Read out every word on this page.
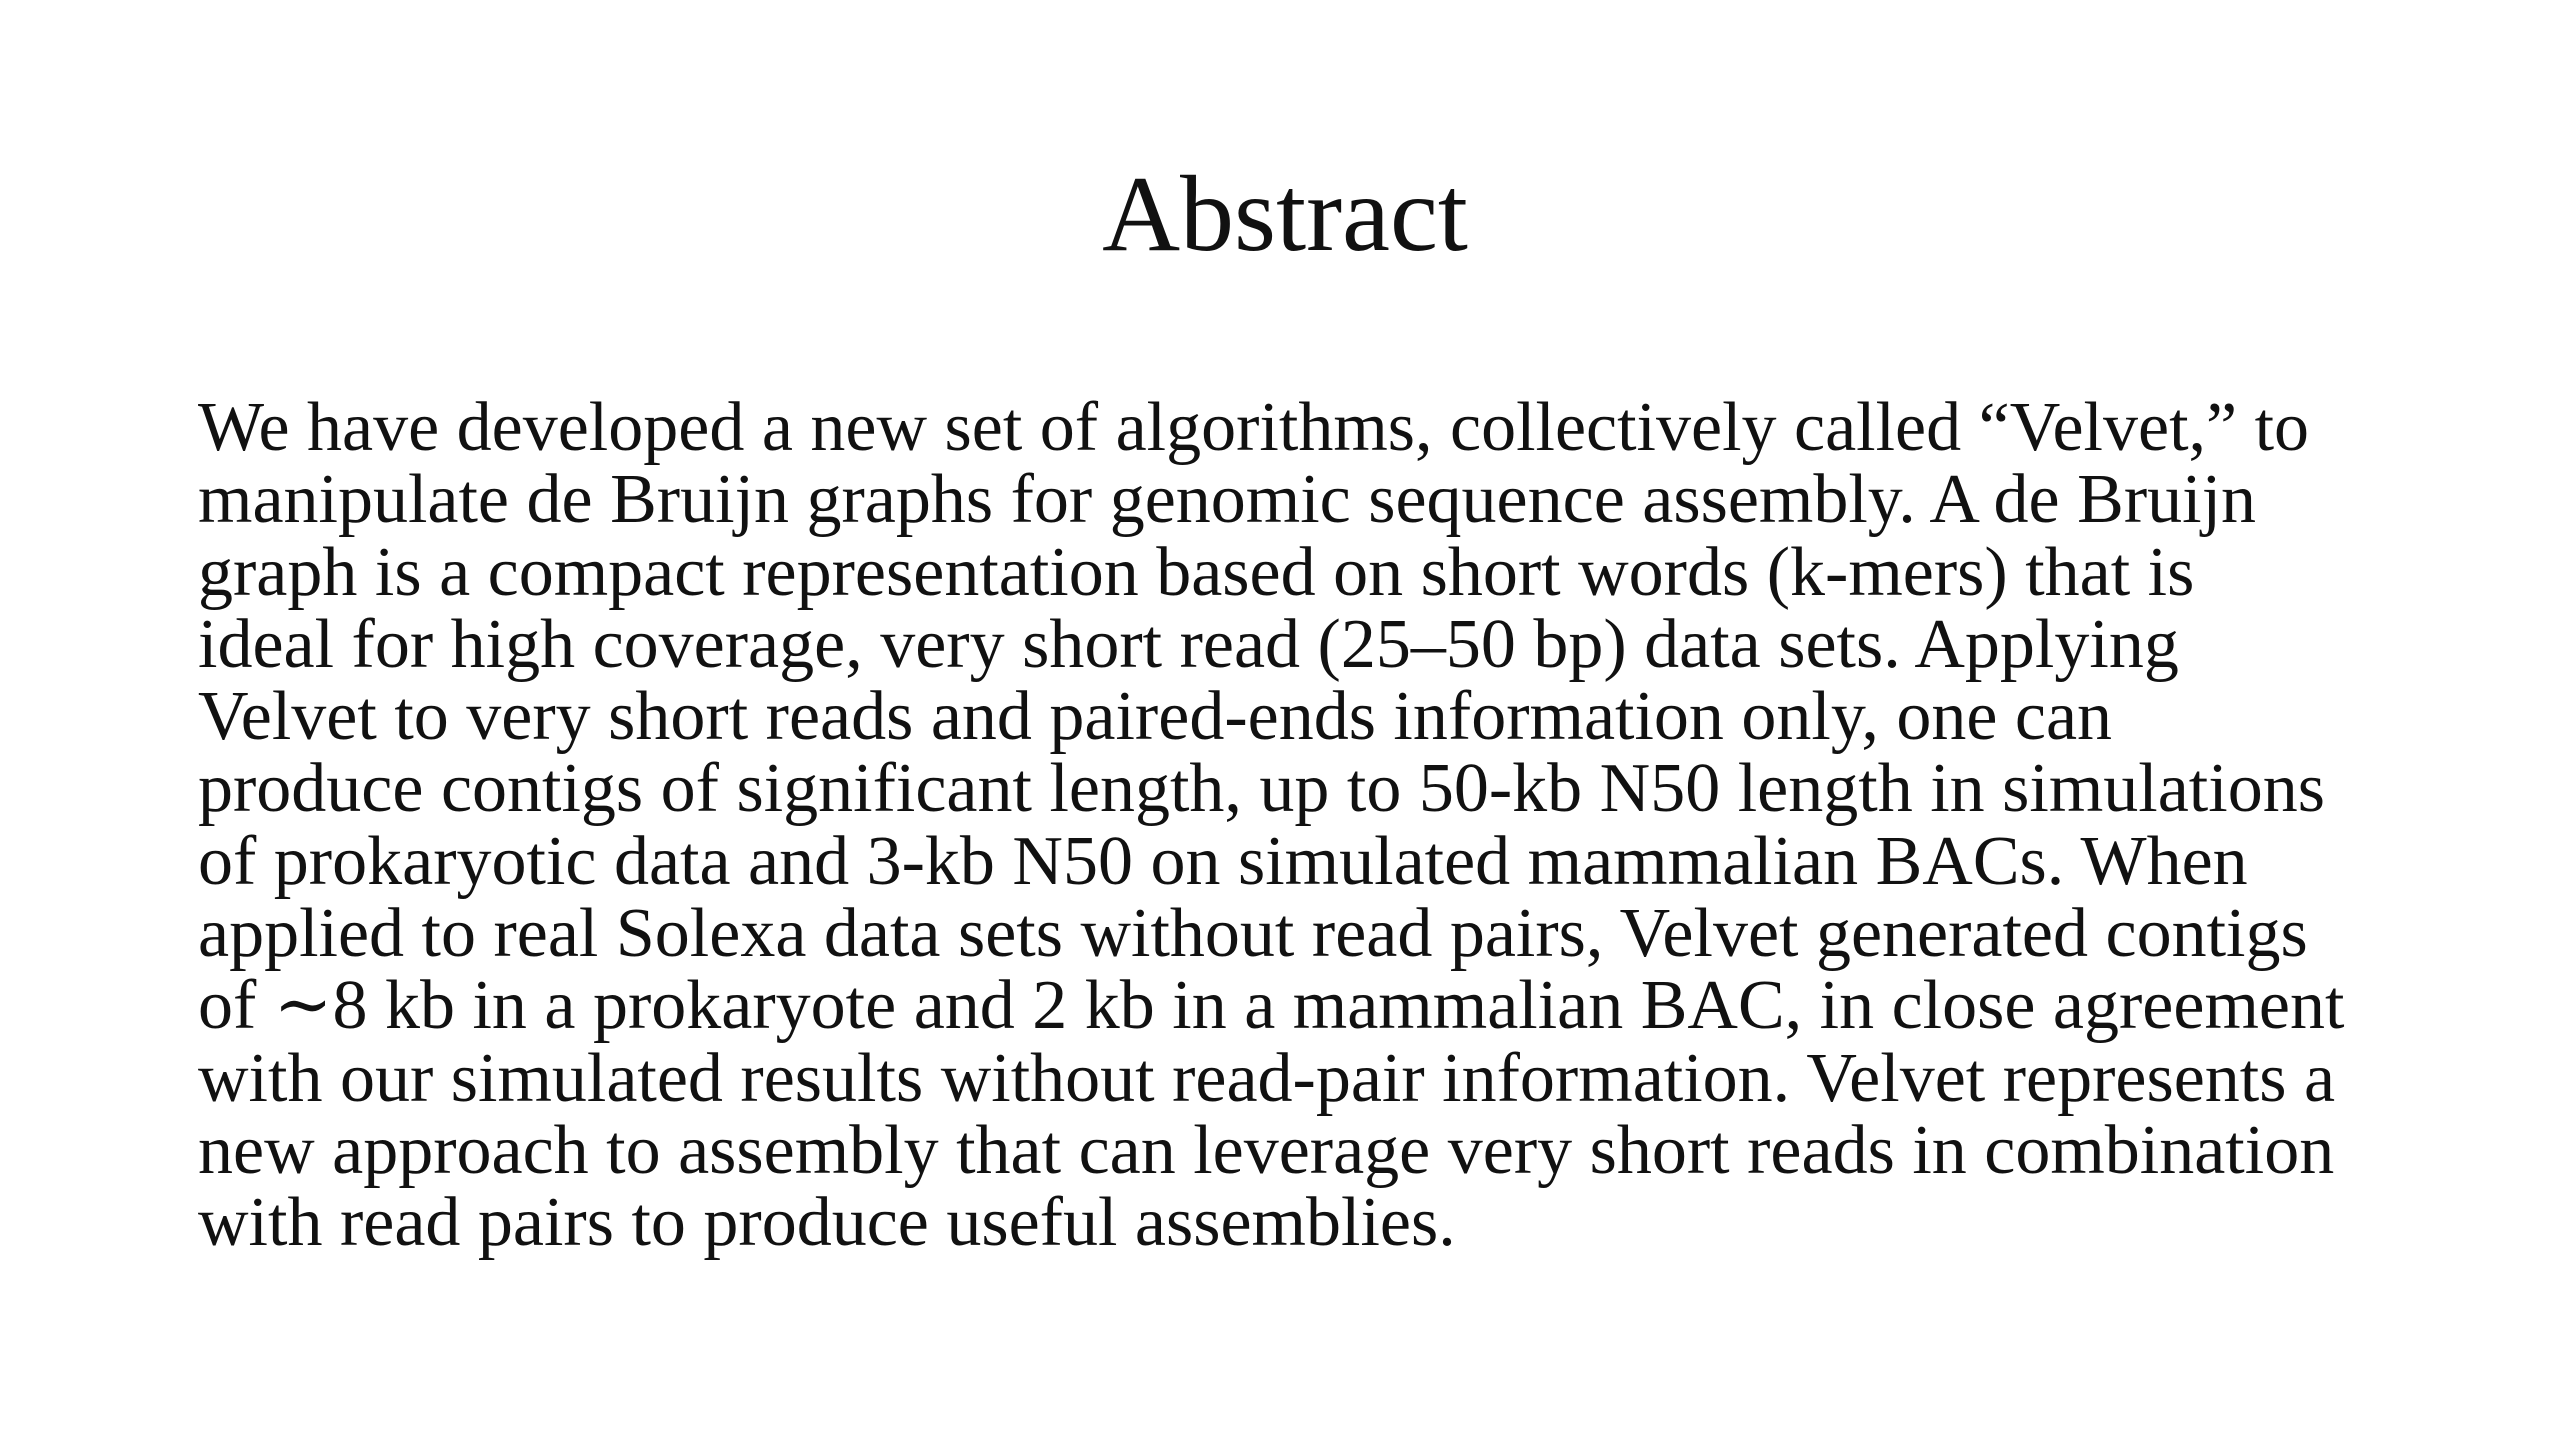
Abstract
We have developed a new set of algorithms, collectively called “Velvet,” to
manipulate de Bruijn graphs for genomic sequence assembly. A de Bruijn
graph is a compact representation based on short words (k-mers) that is
ideal for high coverage, very short read (25–50 bp) data sets. Applying
Velvet to very short reads and paired-ends information only, one can
produce contigs of significant length, up to 50-kb N50 length in simulations
of prokaryotic data and 3-kb N50 on simulated mammalian BACs. When
applied to real Solexa data sets without read pairs, Velvet generated contigs
of ∼8 kb in a prokaryote and 2 kb in a mammalian BAC, in close agreement
with our simulated results without read-pair information. Velvet represents a
new approach to assembly that can leverage very short reads in combination
with read pairs to produce useful assemblies.
